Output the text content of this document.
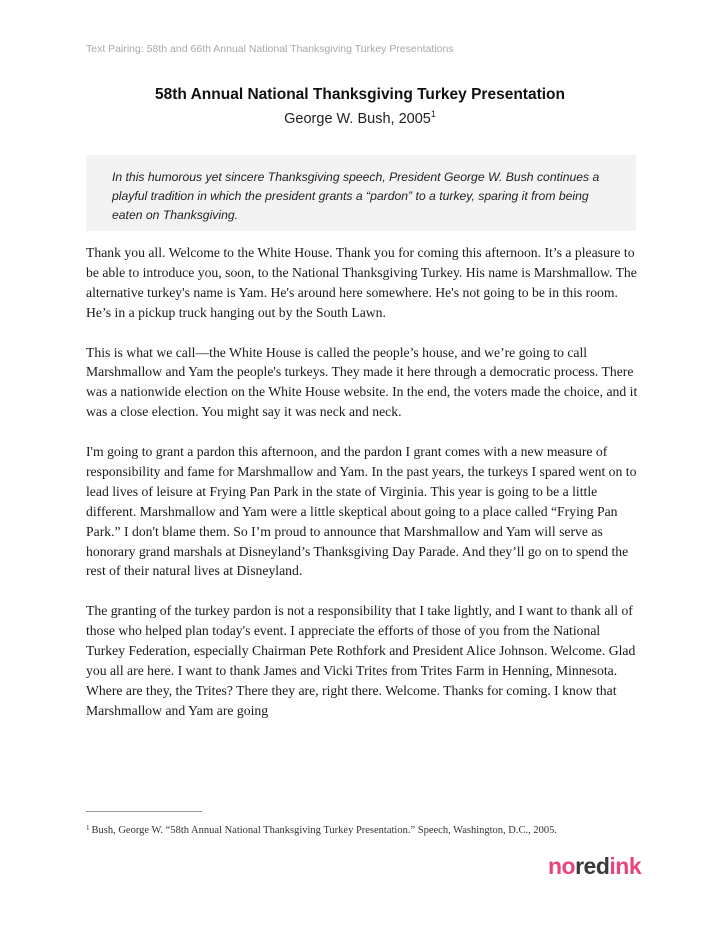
Text Pairing: 58th and 66th Annual National Thanksgiving Turkey Presentations
58th Annual National Thanksgiving Turkey Presentation
George W. Bush, 2005$^1$
In this humorous yet sincere Thanksgiving speech, President George W. Bush continues a playful tradition in which the president grants a “pardon” to a turkey, sparing it from being eaten on Thanksgiving.

Thank you all. Welcome to the White House. Thank you for coming this afternoon. It’s a pleasure to be able to introduce you, soon, to the National Thanksgiving Turkey. His name is Marshmallow. The alternative turkey's name is Yam. He's around here somewhere. He's not going to be in this room. He’s in a pickup truck hanging out by the South Lawn.

This is what we call—the White House is called the people’s house, and we’re going to call Marshmallow and Yam the people's turkeys. They made it here through a democratic process. There was a nationwide election on the White House website. In the end, the voters made the choice, and it was a close election. You might say it was neck and neck.

I'm going to grant a pardon this afternoon, and the pardon I grant comes with a new measure of responsibility and fame for Marshmallow and Yam. In the past years, the turkeys I spared went on to lead lives of leisure at Frying Pan Park in the state of Virginia. This year is going to be a little different. Marshmallow and Yam were a little skeptical about going to a place called “Frying Pan Park.” I don't blame them. So I’m proud to announce that Marshmallow and Yam will serve as honorary grand marshals at Disneyland’s Thanksgiving Day Parade. And they’ll go on to spend the rest of their natural lives at Disneyland.

The granting of the turkey pardon is not a responsibility that I take lightly, and I want to thank all of those who helped plan today's event. I appreciate the efforts of those of you from the National Turkey Federation, especially Chairman Pete Rothfork and President Alice Johnson. Welcome. Glad you all are here. I want to thank James and Vicki Trites from Trites Farm in Henning, Minnesota. Where are they, the Trites? There they are, right there. Welcome. Thanks for coming. I know that Marshmallow and Yam are going

$^1$ Bush, George W. “58th Annual National Thanksgiving Turkey Presentation.” Speech, Washington, D.C., 2005.
noredink
